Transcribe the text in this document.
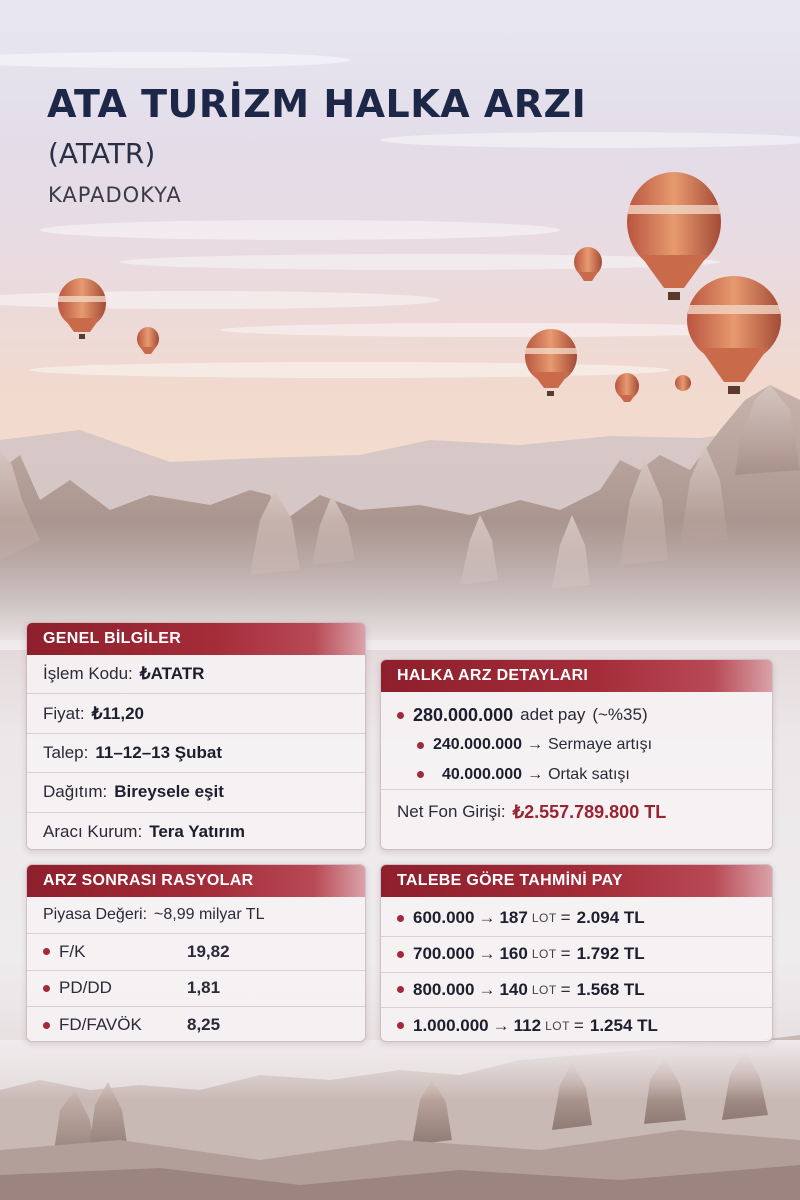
ATA TURİZM HALKA ARZI
(ATATR)
KAPADOKYA
GENEL BİLGİLER
İşlem Kodu: ₺ATATR
Fiyat: ₺11,20
Talep: 11–12–13 Şubat
Dağıtım: Bireysele eşit
Aracı Kurum: Tera Yatırım
HALKA ARZ DETAYLARI
280.000.000 adet pay (~%35)
240.000.000 → Sermaye artışı
40.000.000 → Ortak satışı
Net Fon Girişi: ₺2.557.789.800 TL
ARZ SONRASI RASYOLAR
Piyasa Değeri: ~8,99 milyar TL
F/K	19,82
PD/DD	1,81
FD/FAVÖK	8,25
TALEBE GÖRE TAHMİNİ PAY
600.000 → 187 LOT = 2.094 TL
700.000 → 160 LOT = 1.792 TL
800.000 → 140 LOT = 1.568 TL
1.000.000 → 112 LOT = 1.254 TL
